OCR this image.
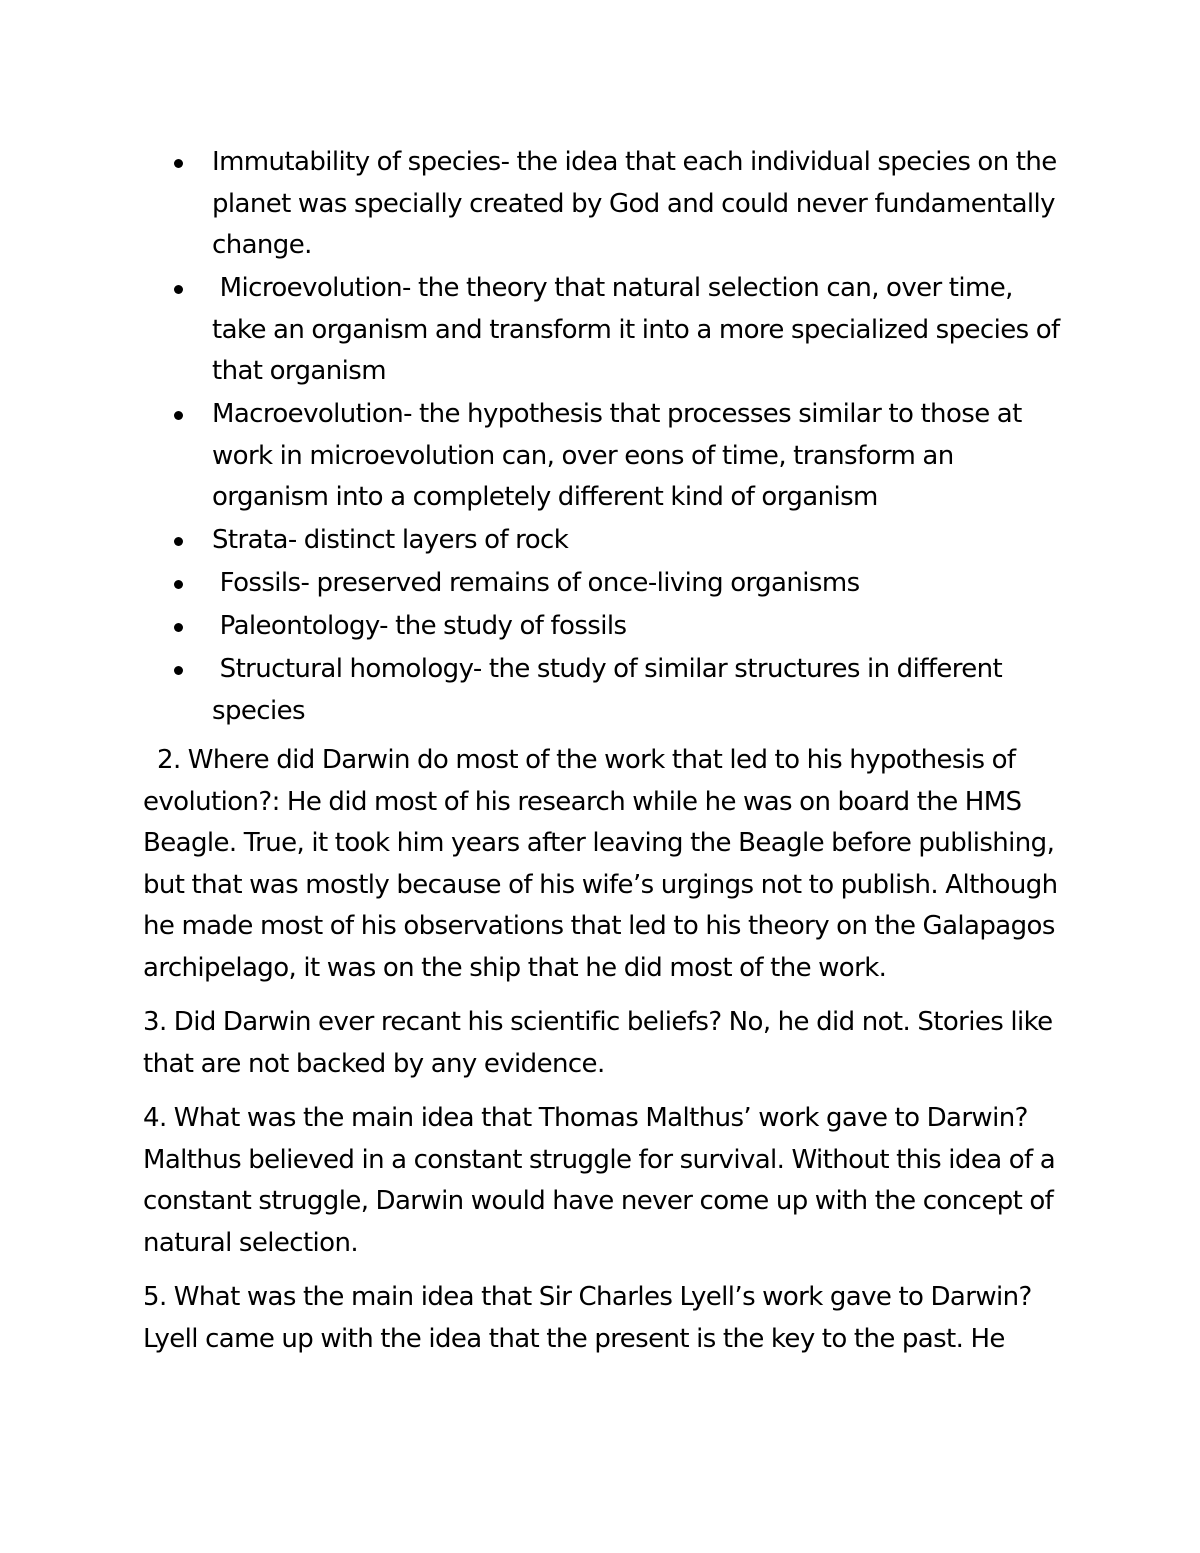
Immutability of species- the idea that each individual species on the planet was specially created by God and could never fundamentally change.
Microevolution- the theory that natural selection can, over time, take an organism and transform it into a more specialized species of that organism
Macroevolution- the hypothesis that processes similar to those at work in microevolution can, over eons of time, transform an organism into a completely different kind of organism
Strata- distinct layers of rock
Fossils- preserved remains of once-living organisms
Paleontology- the study of fossils
Structural homology- the study of similar structures in different species

2. Where did Darwin do most of the work that led to his hypothesis of evolution?: He did most of his research while he was on board the HMS Beagle. True, it took him years after leaving the Beagle before publishing, but that was mostly because of his wife’s urgings not to publish. Although he made most of his observations that led to his theory on the Galapagos archipelago, it was on the ship that he did most of the work.

3. Did Darwin ever recant his scientific beliefs? No, he did not. Stories like that are not backed by any evidence.

4. What was the main idea that Thomas Malthus’ work gave to Darwin? Malthus believed in a constant struggle for survival. Without this idea of a constant struggle, Darwin would have never come up with the concept of natural selection.

5. What was the main idea that Sir Charles Lyell’s work gave to Darwin? Lyell came up with the idea that the present is the key to the past. He
